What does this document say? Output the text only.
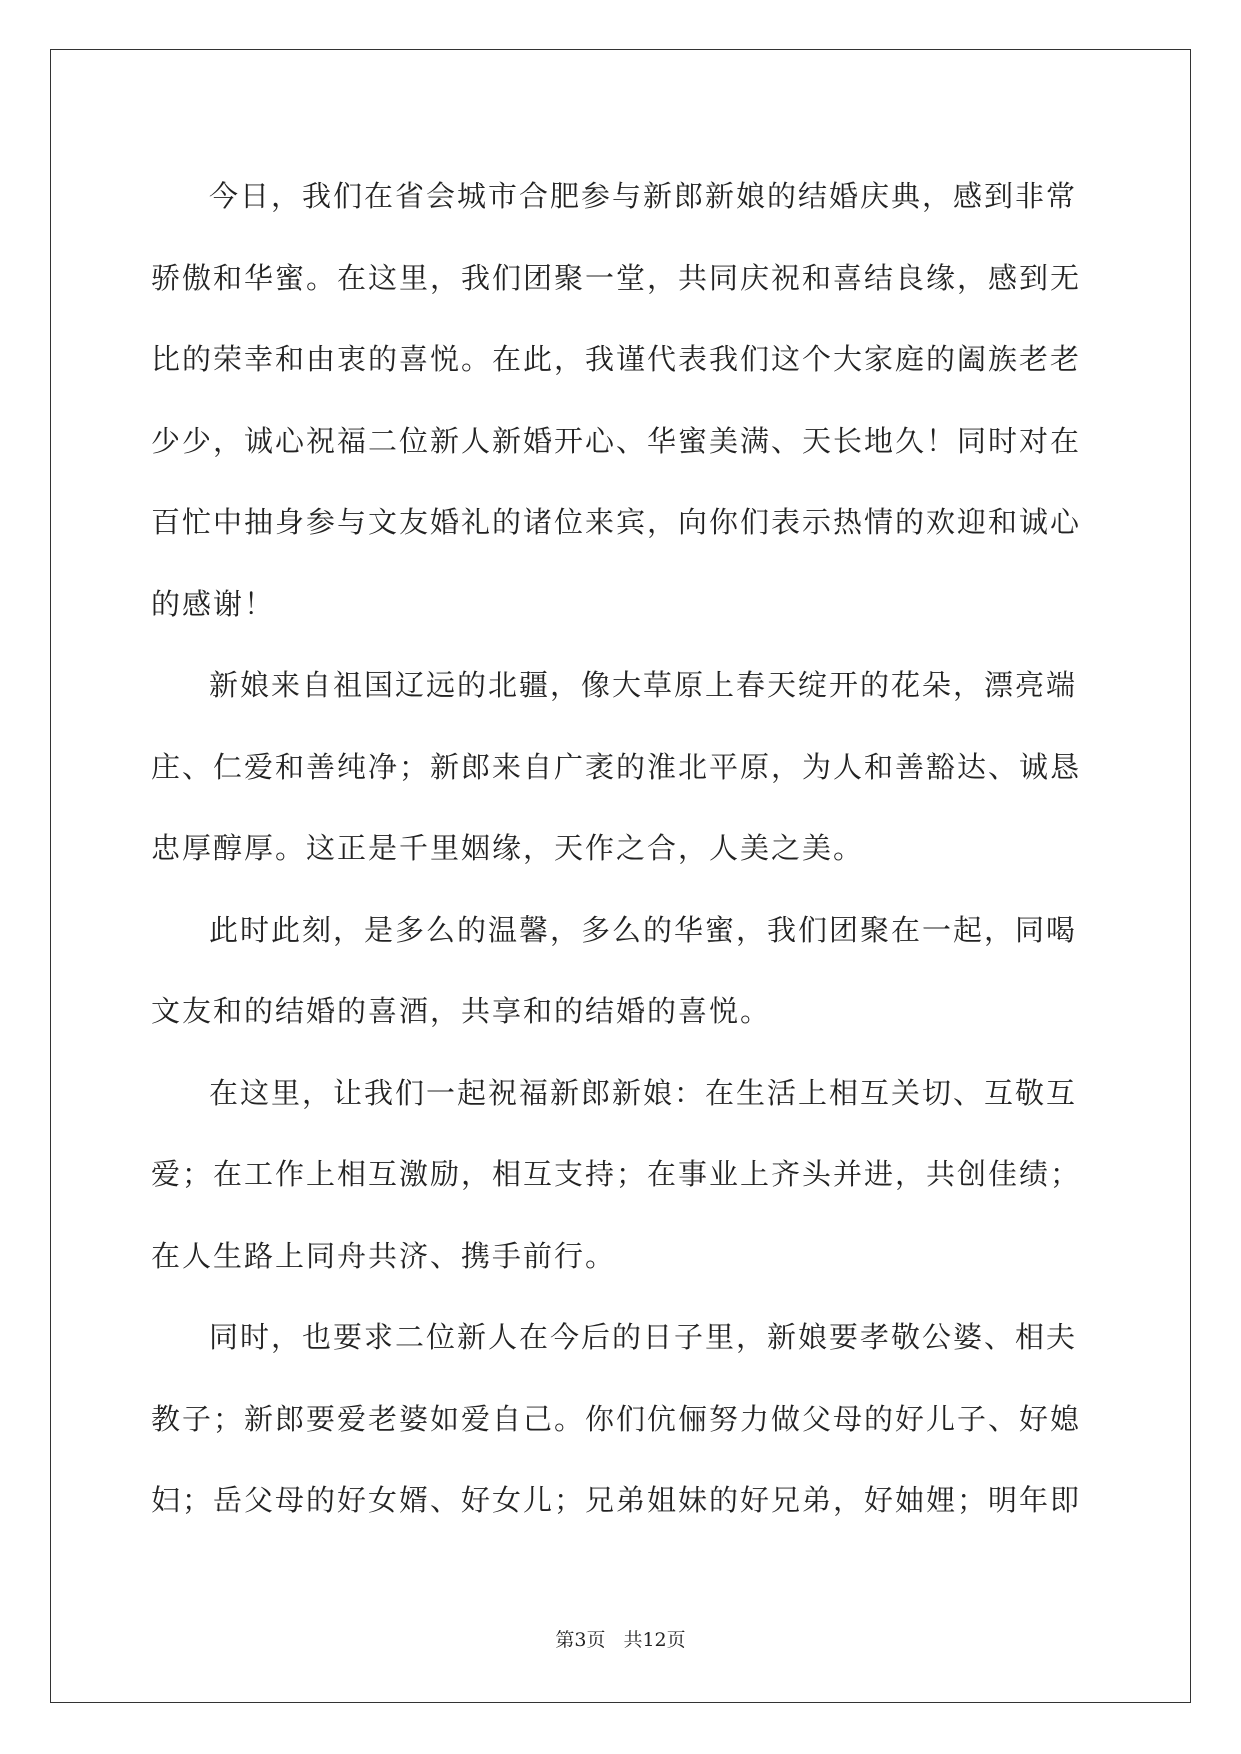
今日，我们在省会城市合肥参与新郎新娘的结婚庆典，感到非常
骄傲和华蜜。在这里，我们团聚一堂，共同庆祝和喜结良缘，感到无
比的荣幸和由衷的喜悦。在此，我谨代表我们这个大家庭的阖族老老
少少，诚心祝福二位新人新婚开心、华蜜美满、天长地久！同时对在
百忙中抽身参与文友婚礼的诸位来宾，向你们表示热情的欢迎和诚心
的感谢！

新娘来自祖国辽远的北疆，像大草原上春天绽开的花朵，漂亮端
庄、仁爱和善纯净；新郎来自广袤的淮北平原，为人和善豁达、诚恳
忠厚醇厚。这正是千里姻缘，天作之合，人美之美。

此时此刻，是多么的温馨，多么的华蜜，我们团聚在一起，同喝
文友和的结婚的喜酒，共享和的结婚的喜悦。

在这里，让我们一起祝福新郎新娘：在生活上相互关切、互敬互
爱；在工作上相互激励，相互支持；在事业上齐头并进，共创佳绩；
在人生路上同舟共济、携手前行。

同时，也要求二位新人在今后的日子里，新娘要孝敬公婆、相夫
教子；新郎要爱老婆如爱自己。你们伉俪努力做父母的好儿子、好媳
妇；岳父母的好女婿、好女儿；兄弟姐妹的好兄弟，好妯娌；明年即

第3页 共12页
